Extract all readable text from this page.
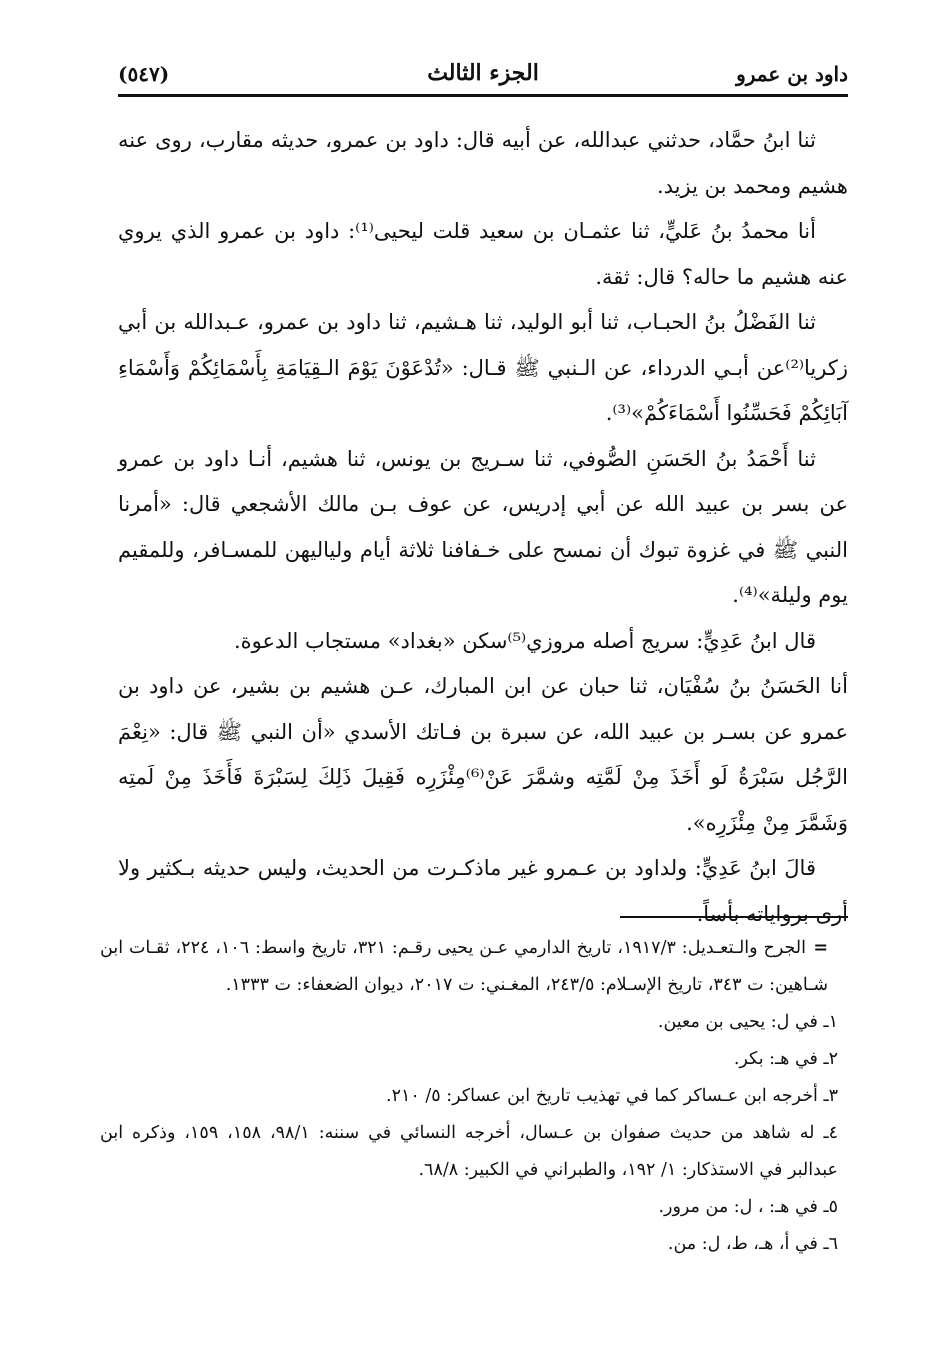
داود بن عمرو
الجزء الثالث
(٥٤٧)

ثنا ابنُ حمَّاد، حدثني عبدالله، عن أبيه قال: داود بن عمرو، حديثه مقارب، روى عنه هشيم ومحمد بن يزيد.

أنا محمدُ بنُ عَليٍّ، ثنا عثمـان بن سعيد قلت ليحيى⁽¹⁾: داود بن عمرو الذي يروي عنه هشيم ما حاله؟ قال: ثقة.

ثنا الفَضْلُ بنُ الحبـاب، ثنا أبو الوليد، ثنا هـشيم، ثنا داود بن عمرو، عـبدالله بن أبي زكريا⁽²⁾عن أبـي الدرداء، عن الـنبي ﷺ قـال: «تُدْعَوْنَ يَوْمَ الـقِيَامَةِ بِأَسْمَائِكُمْ وَأَسْمَاءِ آبَائِكُمْ فَحَسِّنُوا أَسْمَاءَكُمْ»⁽³⁾.

ثنا أَحْمَدُ بنُ الحَسَنِ الصُّوفي، ثنا سـريج بن يونس، ثنا هشيم، أنـا داود بن عمرو عن بسر بن عبيد الله عن أبي إدريس، عن عوف بـن مالك الأشجعي قال: «أمرنا النبي ﷺ في غزوة تبوك أن نمسح على خـفافنا ثلاثة أيام ولياليهن للمسـافر، وللمقيم يوم وليلة»⁽⁴⁾.

قال ابنُ عَدِيٍّ: سريج أصله مروزي⁽⁵⁾سكن «بغداد» مستجاب الدعوة.

أنا الحَسَنُ بنُ سُفْيَان، ثنا حبان عن ابن المبارك، عـن هشيم بن بشير، عن داود بن عمرو عن بسـر بن عبيد الله، عن سبرة بن فـاتك الأسدي «أن النبي ﷺ قال: «نِعْمَ الرَّجُل سَبْرَةُ لَو أَخَذَ مِنْ لَمَّتِه وشمَّرَ عَنْ⁽⁶⁾مِئْزَرِه فَقِيلَ ذَلِكَ لِسَبْرَةَ فَأَخَذَ مِنْ لَمتِه وَشَمَّرَ مِنْ مِئْزَرِه».

قالَ ابنُ عَدِيٍّ: ولداود بن عـمرو غير ماذكـرت من الحديث، وليس حديثه بـكثير ولا أرى برواياته بأساً.

=الجرح والـتعـديل: ١٩١٧/٣، تاريخ الدارمي عـن يحيى رقـم: ٣٢١، تاريخ واسط: ١٠٦، ٢٢٤، ثقـات ابن شـاهين: ت ٣٤٣، تاريخ الإسـلام: ٢٤٣/٥، المغـني: ت ٢٠١٧، ديوان الضعفاء: ت ١٣٣٣.

١ـ في ل: يحيى بن معين.

٢ـ في هـ: بكر.

٣ـ أخرجه ابن عـساكر كما في تهذيب تاريخ ابن عساكر: ٥/ ٢١٠.

٤ـ له شاهد من حديث صفوان بن عـسال، أخرجه النسائي في سننه: ٩٨/١، ١٥٨، ١٥٩، وذكره ابن عبدالبر في الاستذكار: ١/ ١٩٢، والطبراني في الكبير: ٦٨/٨.

٥ـ في هـ: ، ل: من مرور.

٦ـ في أ، هـ، ط، ل: من.
